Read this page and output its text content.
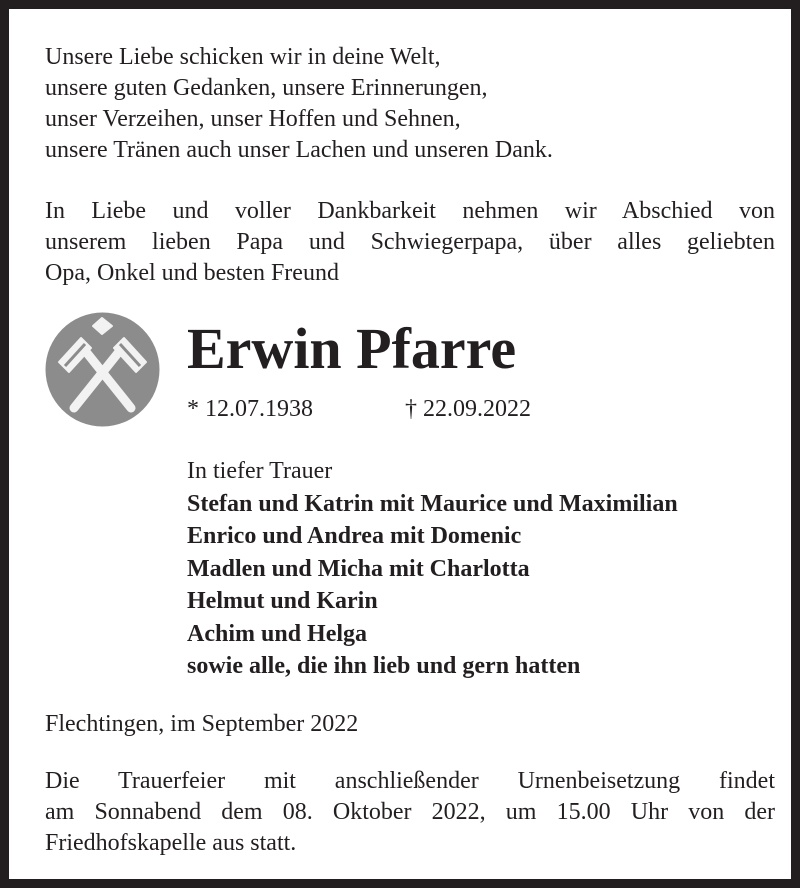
Unsere Liebe schicken wir in deine Welt,
unsere guten Gedanken, unsere Erinnerungen,
unser Verzeihen, unser Hoffen und Sehnen,
unsere Tränen auch unser Lachen und unseren Dank.
In Liebe und voller Dankbarkeit nehmen wir Abschied von
unserem lieben Papa und Schwiegerpapa, über alles geliebten
Opa, Onkel und besten Freund
Erwin Pfarre
* 12.07.1938	† 22.09.2022
In tiefer Trauer
Stefan und Katrin mit Maurice und Maximilian
Enrico und Andrea mit Domenic
Madlen und Micha mit Charlotta
Helmut und Karin
Achim und Helga
sowie alle, die ihn lieb und gern hatten
Flechtingen, im September 2022
Die Trauerfeier mit anschließender Urnenbeisetzung findet
am Sonnabend dem 08. Oktober 2022, um 15.00 Uhr von der
Friedhofskapelle aus statt.
